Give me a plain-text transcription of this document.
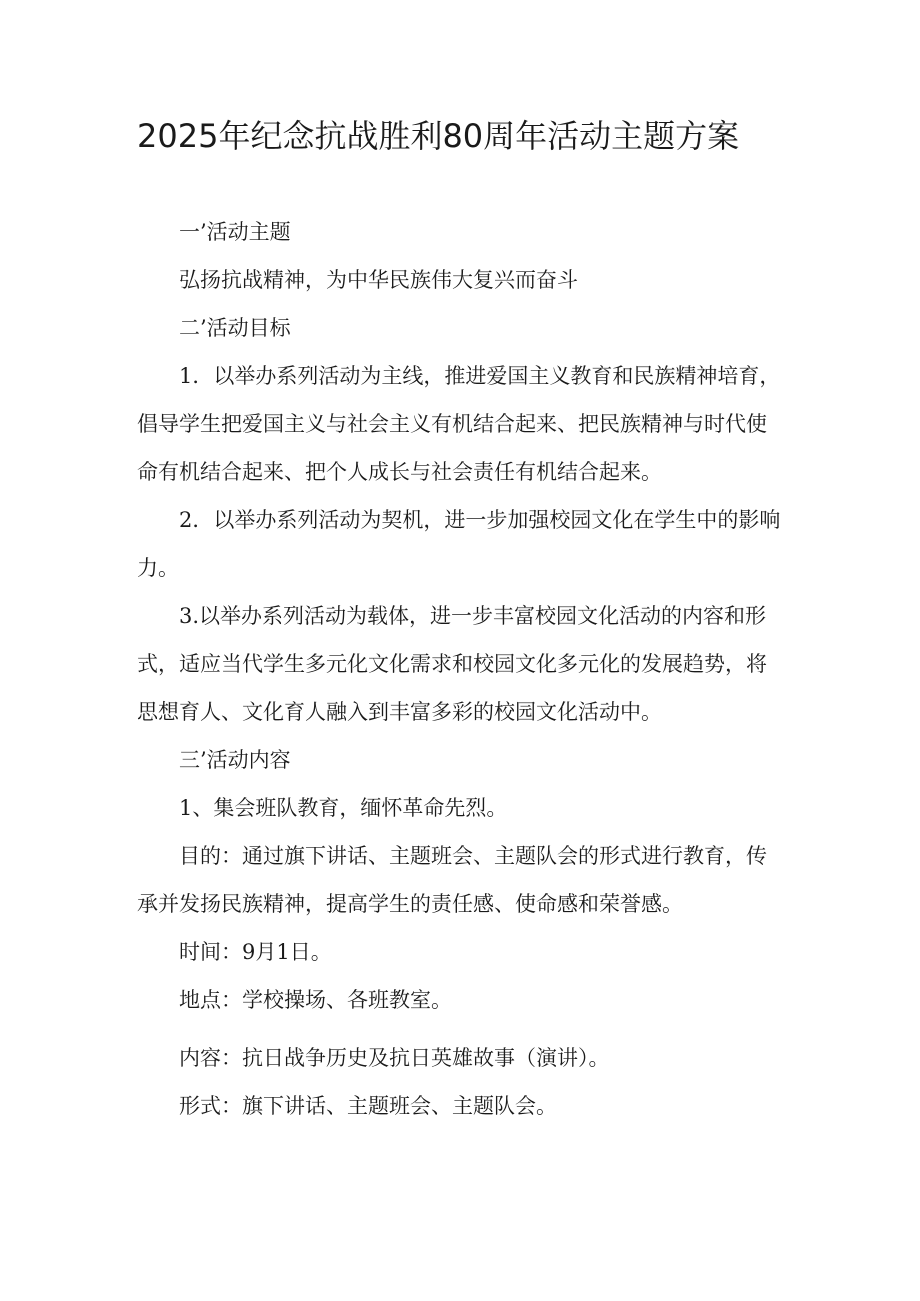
2025年纪念抗战胜利80周年活动主题方案

一’活动主题

弘扬抗战精神，为中华民族伟大复兴而奋斗

二’活动目标

1．以举办系列活动为主线，推进爱国主义教育和民族精神培育，倡导学生把爱国主义与社会主义有机结合起来、把民族精神与时代使命有机结合起来、把个人成长与社会责任有机结合起来。

2．以举办系列活动为契机，进一步加强校园文化在学生中的影响力。

3.以举办系列活动为载体，进一步丰富校园文化活动的内容和形式，适应当代学生多元化文化需求和校园文化多元化的发展趋势，将思想育人、文化育人融入到丰富多彩的校园文化活动中。

三’活动内容

1、集会班队教育，缅怀革命先烈。

目的：通过旗下讲话、主题班会、主题队会的形式进行教育，传承并发扬民族精神，提高学生的责任感、使命感和荣誉感。

时间：9月1日。

地点：学校操场、各班教室。

内容：抗日战争历史及抗日英雄故事（演讲）。

形式：旗下讲话、主题班会、主题队会。
